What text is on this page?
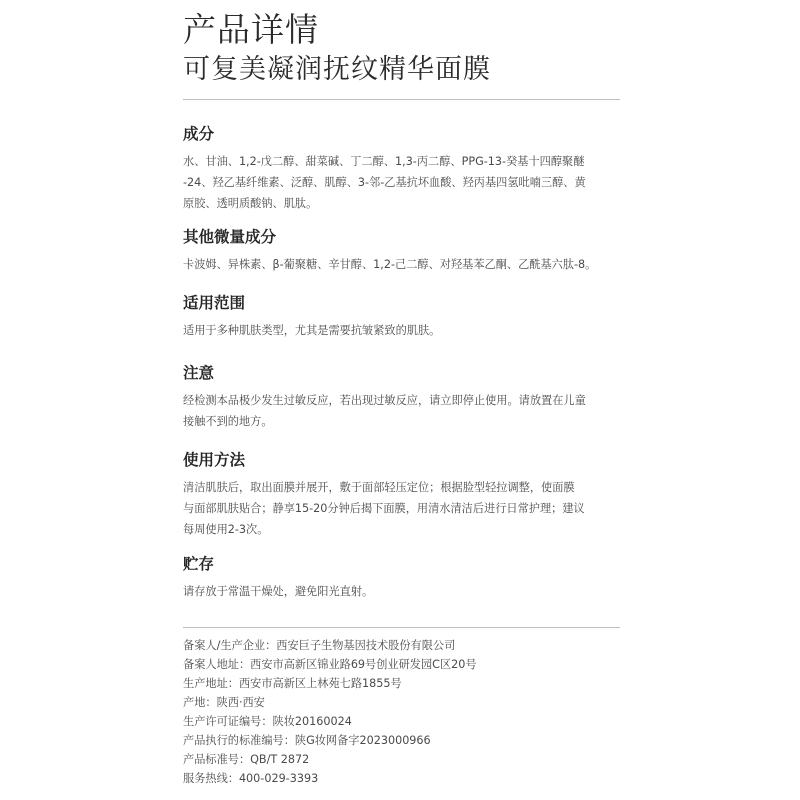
产品详情
可复美凝润抚纹精华面膜
成分

水、甘油、1,2-戊二醇、甜菜碱、丁二醇、1,3-丙二醇、PPG-13-癸基十四醇聚醚

-24、羟乙基纤维素、泛醇、肌醇、3-邻-乙基抗坏血酸、羟丙基四氢吡喃三醇、黄

原胶、透明质酸钠、肌肽。

其他微量成分

卡波姆、异株素、β-葡聚糖、辛甘醇、1,2-己二醇、对羟基苯乙酮、乙酰基六肽-8。

适用范围

适用于多种肌肤类型，尤其是需要抗皱紧致的肌肤。

注意

经检测本品极少发生过敏反应，若出现过敏反应，请立即停止使用。请放置在儿童

接触不到的地方。

使用方法

清洁肌肤后，取出面膜并展开，敷于面部轻压定位；根据脸型轻拉调整，使面膜

与面部肌肤贴合；静享15-20分钟后揭下面膜，用清水清洁后进行日常护理；建议

每周使用2-3次。

贮存

请存放于常温干燥处，避免阳光直射。

备案人/生产企业：西安巨子生物基因技术股份有限公司

备案人地址：西安市高新区锦业路69号创业研发园C区20号

生产地址：西安市高新区上林苑七路1855号

产地：陕西·西安

生产许可证编号：陕妆20160024

产品执行的标准编号：陕G妆网备字2023000966

产品标准号：QB/T 2872

服务热线：400-029-3393
